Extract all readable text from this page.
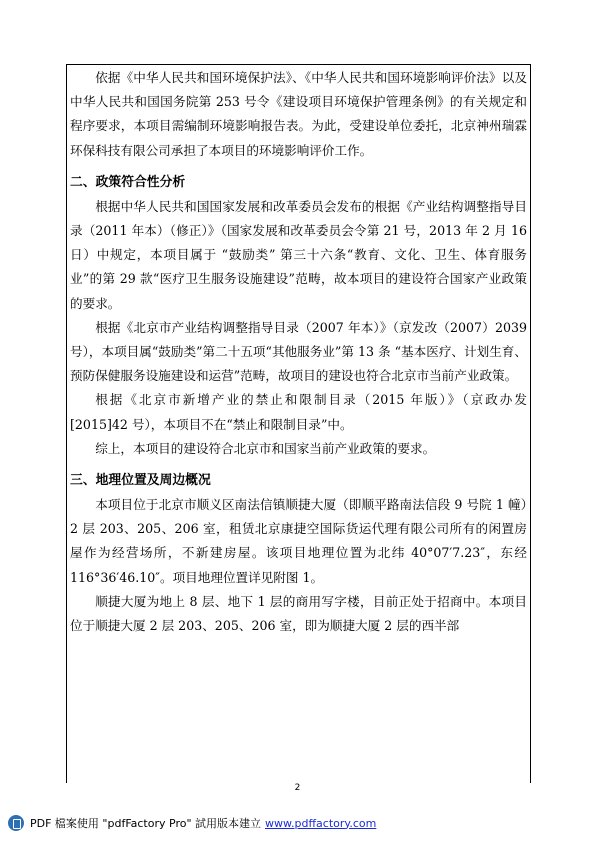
依据《中华人民共和国环境保护法》、《中华人民共和国环境影响评价法》以及中华人民共和国国务院第 253 号令《建设项目环境保护管理条例》的有关规定和程序要求，本项目需编制环境影响报告表。为此，受建设单位委托，北京神州瑞霖环保科技有限公司承担了本项目的环境影响评价工作。

二、政策符合性分析

根据中华人民共和国国家发展和改革委员会发布的根据《产业结构调整指导目录（2011 年本）（修正）》（国家发展和改革委员会令第 21 号，2013 年 2 月 16 日）中规定，本项目属于 “鼓励类” 第三十六条“教育、文化、卫生、体育服务业”的第 29 款“医疗卫生服务设施建设”范畴，故本项目的建设符合国家产业政策的要求。

根据《北京市产业结构调整指导目录（2007 年本）》（京发改（2007）2039 号），本项目属“鼓励类”第二十五项“其他服务业”第 13 条 “基本医疗、计划生育、预防保健服务设施建设和运营”范畴，故项目的建设也符合北京市当前产业政策。

根据《北京市新增产业的禁止和限制目录（2015 年版）》（京政办发[2015]42 号），本项目不在“禁止和限制目录”中。

综上，本项目的建设符合北京市和国家当前产业政策的要求。

三、地理位置及周边概况

本项目位于北京市顺义区南法信镇顺捷大厦（即顺平路南法信段 9 号院 1 幢）2 层 203、205、206 室，租赁北京康捷空国际货运代理有限公司所有的闲置房屋作为经营场所，不新建房屋。该项目地理位置为北纬 40°07′7.23″，东经 116°36′46.10″。项目地理位置详见附图 1。

顺捷大厦为地上 8 层、地下 1 层的商用写字楼，目前正处于招商中。本项目位于顺捷大厦 2 层 203、205、206 室，即为顺捷大厦 2 层的西半部

2
PDF 檔案使用 "pdfFactory Pro" 試用版本建立 www.pdffactory.com
